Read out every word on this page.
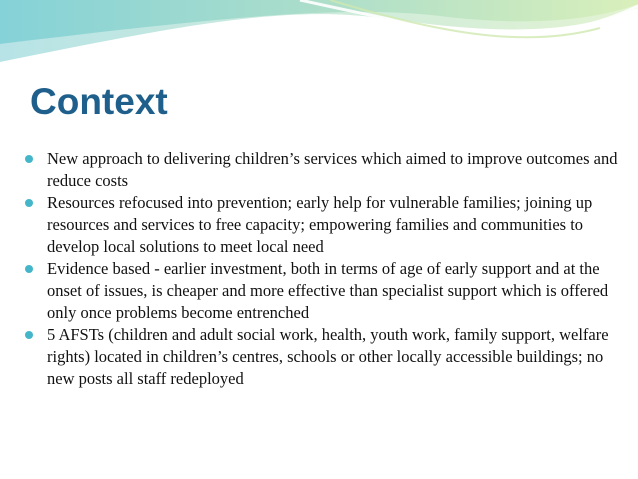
Context
New approach to delivering children’s services which aimed to improve outcomes and reduce costs
Resources refocused into prevention; early help for vulnerable families; joining up resources and services to free capacity; empowering families and communities to develop local solutions to meet local need
Evidence based - earlier investment, both in terms of age of early support and at the onset of issues, is cheaper and more effective than specialist support which is offered only once problems become entrenched
5 AFSTs (children and adult social work, health, youth work, family support, welfare rights) located in children’s centres, schools or other locally accessible buildings; no new posts all staff redeployed
